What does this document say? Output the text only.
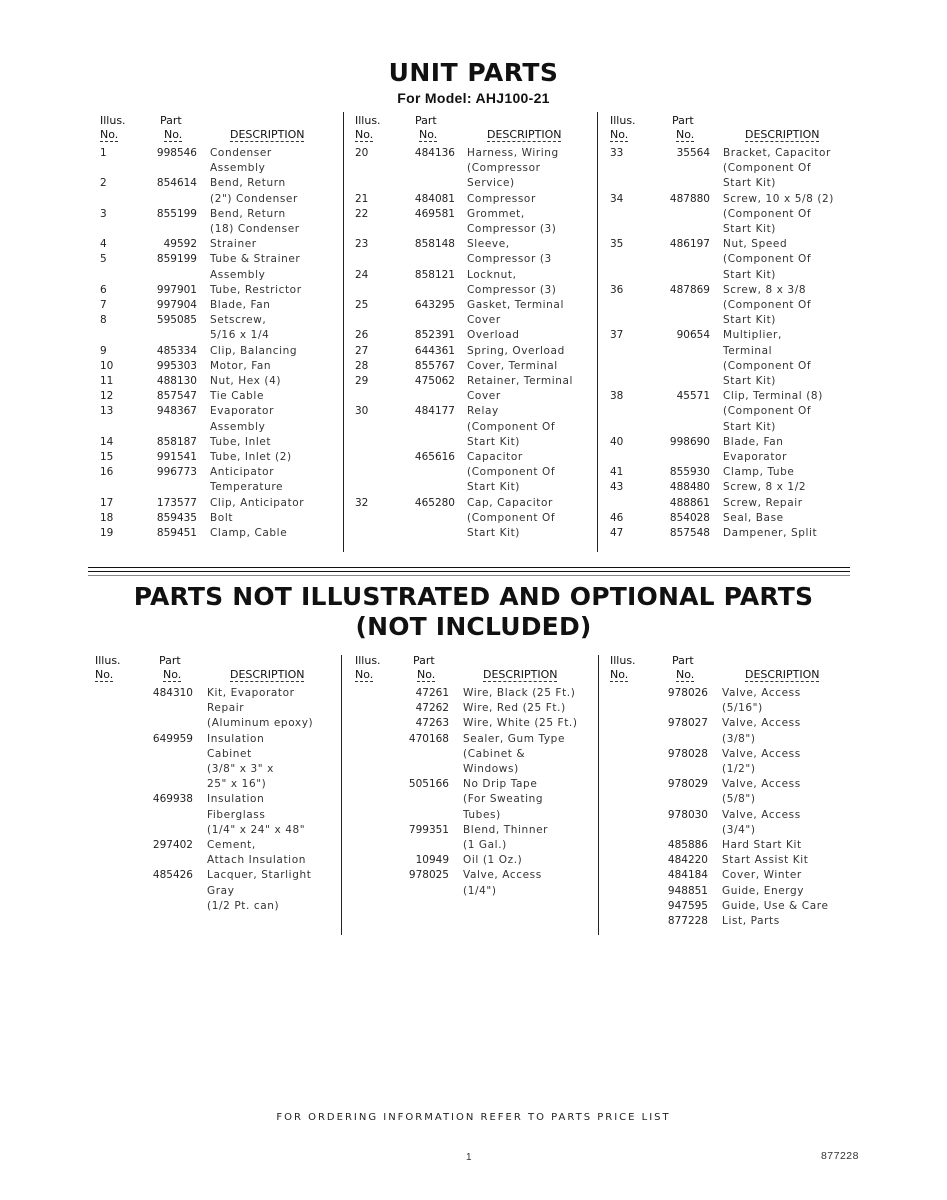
UNIT PARTS
For Model: AHJ100-21
Illus.
No.
Part
No.	DESCRIPTION
1	998546 Condenser
Assembly
2	854614 Bend, Return
(2") Condenser
3	855199 Bend, Return
(18) Condenser
4	49592 Strainer
5	859199 Tube & Strainer
Assembly
6	997901 Tube, Restrictor
7	997904 Blade, Fan
8	595085 Setscrew,
5/16 x 1/4
9	485334 Clip, Balancing
10	995303 Motor, Fan
11	488130 Nut, Hex (4)
12	857547 Tie Cable
13	948367 Evaporator
Assembly
14	858187 Tube, Inlet
15	991541 Tube, Inlet (2)
16	996773 Anticipator
Temperature
17	173577 Clip, Anticipator
18	859435 Bolt
19	859451 Clamp, Cable
Illus.
No.
Part
No.	DESCRIPTION
20	484136 Harness, Wiring
(Compressor
Service)
21	484081 Compressor
22	469581 Grommet,
Compressor (3)
23	858148 Sleeve,
Compressor (3
24	858121 Locknut,
Compressor (3)
25	643295 Gasket, Terminal
Cover
26	852391 Overload
27	644361 Spring, Overload
28	855767 Cover, Terminal
29	475062 Retainer, Terminal
Cover
30	484177 Relay
(Component Of
Start Kit)
465616 Capacitor
(Component Of
Start Kit)
32	465280 Cap, Capacitor
(Component Of
Start Kit)
Illus.
No.
Part
No.	DESCRIPTION
33	35564 Bracket, Capacitor
(Component Of
Start Kit)
34	487880 Screw, 10 x 5/8 (2)
(Component Of
Start Kit)
35	486197 Nut, Speed
(Component Of
Start Kit)
36	487869 Screw, 8 x 3/8
(Component Of
Start Kit)
37	90654 Multiplier,
Terminal
(Component Of
Start Kit)
38	45571 Clip, Terminal (8)
(Component Of
Start Kit)
40	998690 Blade, Fan
Evaporator
41	855930 Clamp, Tube
43	488480 Screw, 8 x 1/2
488861 Screw, Repair
46	854028 Seal, Base
47	857548 Dampener, Split
PARTS NOT ILLUSTRATED AND OPTIONAL PARTS
(NOT INCLUDED)
Illus.
No.
Part
No.	DESCRIPTION
484310 Kit, Evaporator
Repair
(Aluminum epoxy)
649959 Insulation
Cabinet
(3/8" x 3" x
25" x 16")
469938 Insulation
Fiberglass
(1/4" x 24" x 48"
297402 Cement,
Attach Insulation
485426 Lacquer, Starlight
Gray
(1/2 Pt. can)
Illus.
No.
Part
No.	DESCRIPTION
47261 Wire, Black (25 Ft.)
47262 Wire, Red (25 Ft.)
47263 Wire, White (25 Ft.)
470168 Sealer, Gum Type
(Cabinet &
Windows)
505166 No Drip Tape
(For Sweating
Tubes)
799351 Blend, Thinner
(1 Gal.)
10949 Oil (1 Oz.)
978025 Valve, Access
(1/4")
Illus.
No.
Part
No.	DESCRIPTION
978026 Valve, Access
(5/16")
978027 Valve, Access
(3/8")
978028 Valve, Access
(1/2")
978029 Valve, Access
(5/8")
978030 Valve, Access
(3/4")
485886 Hard Start Kit
484220 Start Assist Kit
484184 Cover, Winter
948851 Guide, Energy
947595 Guide, Use & Care
877228 List, Parts
FOR ORDERING INFORMATION REFER TO PARTS PRICE LIST
1	877228
